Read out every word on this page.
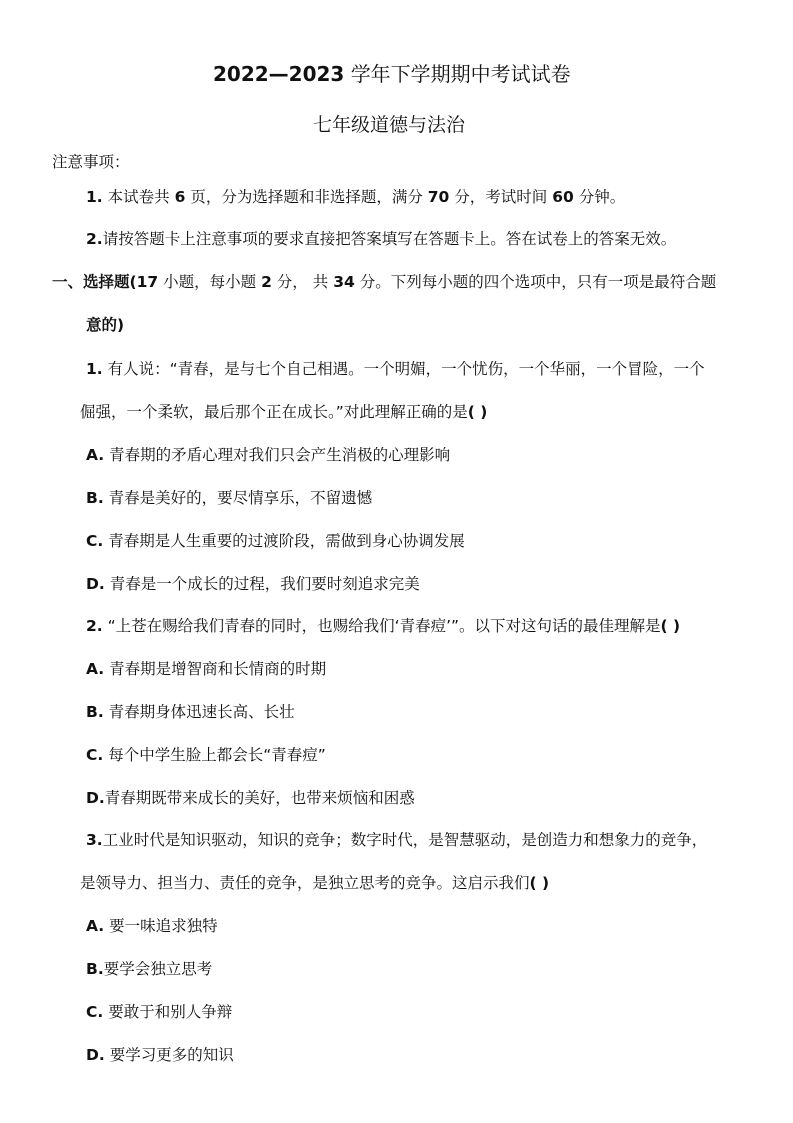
2022—2023 学年下学期期中考试试卷
七年级道德与法治
注意事项：
1. 本试卷共 6 页，分为选择题和非选择题，满分 70 分，考试时间 60 分钟。
2.请按答题卡上注意事项的要求直接把答案填写在答题卡上。答在试卷上的答案无效。
一、选择题(17 小题，每小题 2 分， 共 34 分。下列每小题的四个选项中，只有一项是最符合题
意的)
1. 有人说：“青春，是与七个自己相遇。一个明媚，一个忧伤，一个华丽，一个冒险，一个
倔强，一个柔软，最后那个正在成长。”对此理解正确的是( )
A. 青春期的矛盾心理对我们只会产生消极的心理影响
B. 青春是美好的，要尽情享乐，不留遗憾
C. 青春期是人生重要的过渡阶段，需做到身心协调发展
D. 青春是一个成长的过程，我们要时刻追求完美
2. “上苍在赐给我们青春的同时，也赐给我们‘青春痘’”。以下对这句话的最佳理解是( )
A. 青春期是增智商和长情商的时期
B. 青春期身体迅速长高、长壮
C. 每个中学生脸上都会长“青春痘”
D.青春期既带来成长的美好，也带来烦恼和困惑
3.工业时代是知识驱动，知识的竞争；数字时代，是智慧驱动，是创造力和想象力的竞争，
是领导力、担当力、责任的竞争，是独立思考的竞争。这启示我们( )
A. 要一味追求独特
B.要学会独立思考
C. 要敢于和别人争辩
D. 要学习更多的知识
